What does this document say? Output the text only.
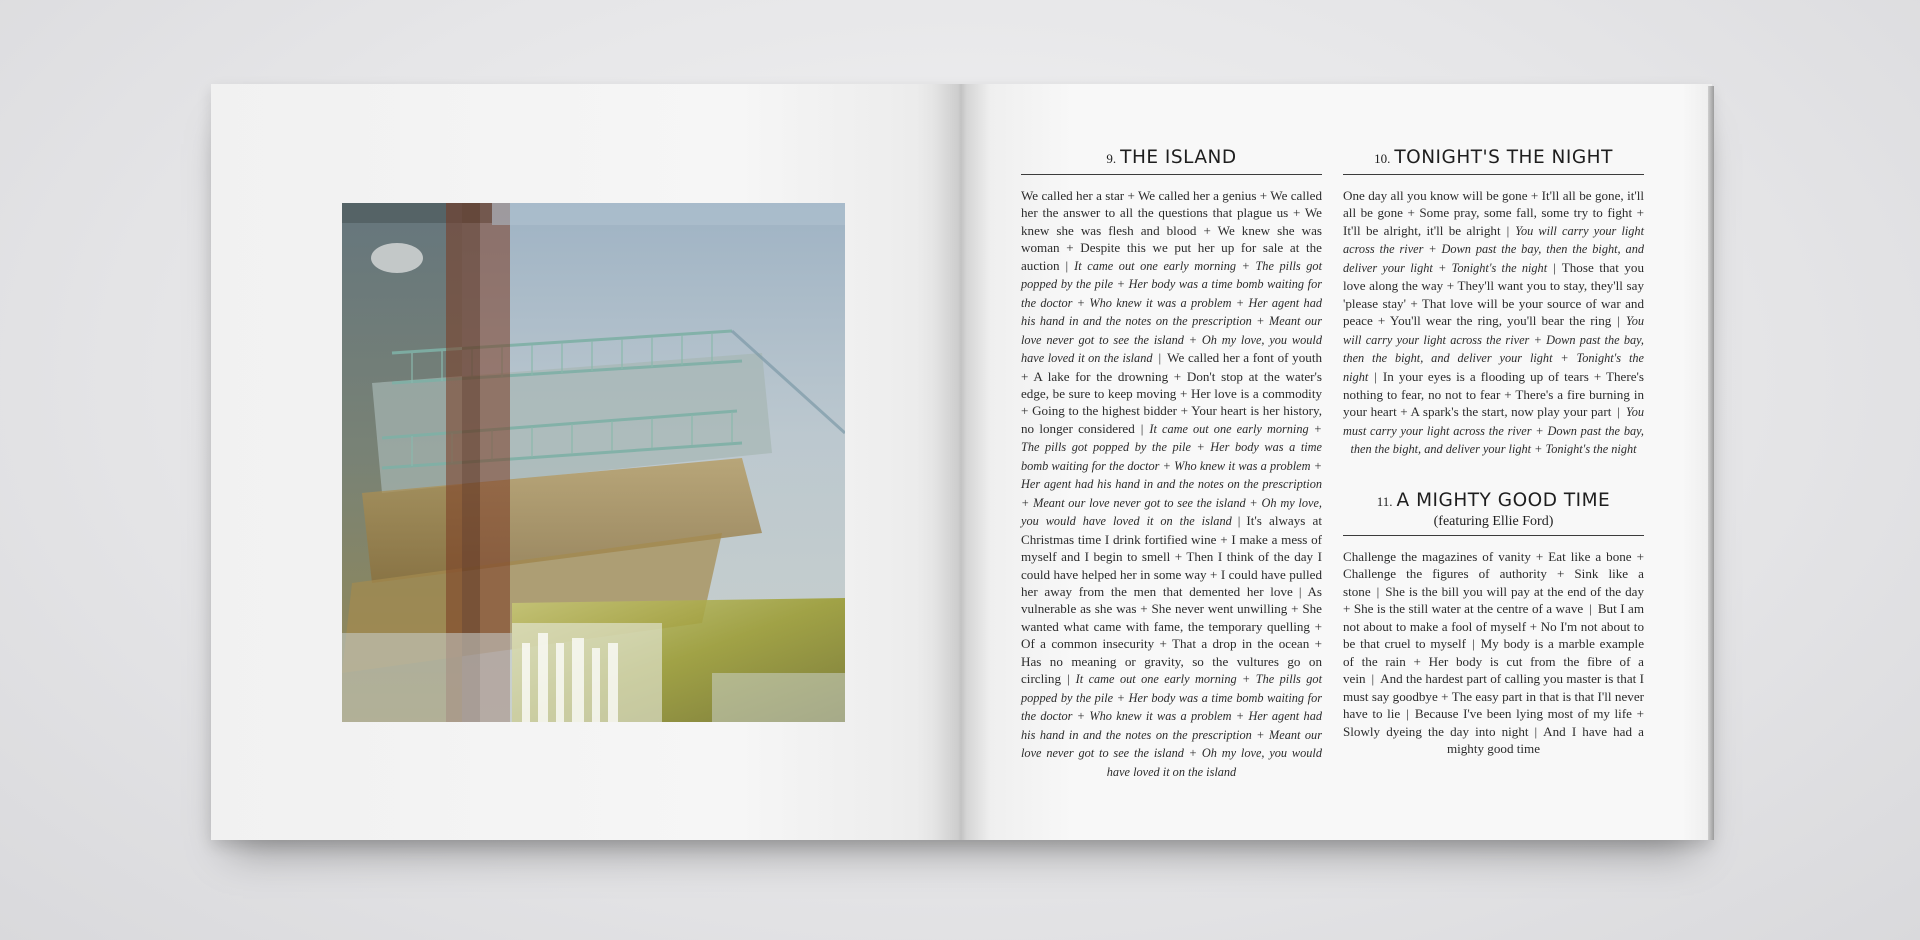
9. THE ISLAND
We called her a star + We called her a genius + We called her the answer to all the questions that plague us + We knew she was flesh and blood + We knew she was woman + Despite this we put her up for sale at the auction | It came out one early morning + The pills got popped by the pile + Her body was a time bomb waiting for the doctor + Who knew it was a problem + Her agent had his hand in and the notes on the prescription + Meant our love never got to see the island + Oh my love, you would have loved it on the island | We called her a font of youth + A lake for the drowning + Don't stop at the water's edge, be sure to keep moving + Her love is a commodity + Going to the highest bidder + Your heart is her history, no longer considered | It came out one early morning + The pills got popped by the pile + Her body was a time bomb waiting for the doctor + Who knew it was a problem + Her agent had his hand in and the notes on the prescription + Meant our love never got to see the island + Oh my love, you would have loved it on the island | It's always at Christmas time I drink fortified wine + I make a mess of myself and I begin to smell + Then I think of the day I could have helped her in some way + I could have pulled her away from the men that demented her love | As vulnerable as she was + She never went unwilling + She wanted what came with fame, the temporary quelling + Of a common insecurity + That a drop in the ocean + Has no meaning or gravity, so the vultures go on circling | It came out one early morning + The pills got popped by the pile + Her body was a time bomb waiting for the doctor + Who knew it was a problem + Her agent had his hand in and the notes on the prescription + Meant our love never got to see the island + Oh my love, you would have loved it on the island
10. TONIGHT'S THE NIGHT
One day all you know will be gone + It'll all be gone, it'll all be gone + Some pray, some fall, some try to fight + It'll be alright, it'll be alright | You will carry your light across the river + Down past the bay, then the bight, and deliver your light + Tonight's the night | Those that you love along the way + They'll want you to stay, they'll say 'please stay' + That love will be your source of war and peace + You'll wear the ring, you'll bear the ring | You will carry your light across the river + Down past the bay, then the bight, and deliver your light + Tonight's the night | In your eyes is a flooding up of tears + There's nothing to fear, no not to fear + There's a fire burning in your heart + A spark's the start, now play your part | You must carry your light across the river + Down past the bay, then the bight, and deliver your light + Tonight's the night
11. A MIGHTY GOOD TIME
(featuring Ellie Ford)
Challenge the magazines of vanity + Eat like a bone + Challenge the figures of authority + Sink like a stone | She is the bill you will pay at the end of the day + She is the still water at the centre of a wave | But I am not about to make a fool of myself + No I'm not about to be that cruel to myself | My body is a marble example of the rain + Her body is cut from the fibre of a vein | And the hardest part of calling you master is that I must say goodbye + The easy part in that is that I'll never have to lie | Because I've been lying most of my life + Slowly dyeing the day into night | And I have had a mighty good time
